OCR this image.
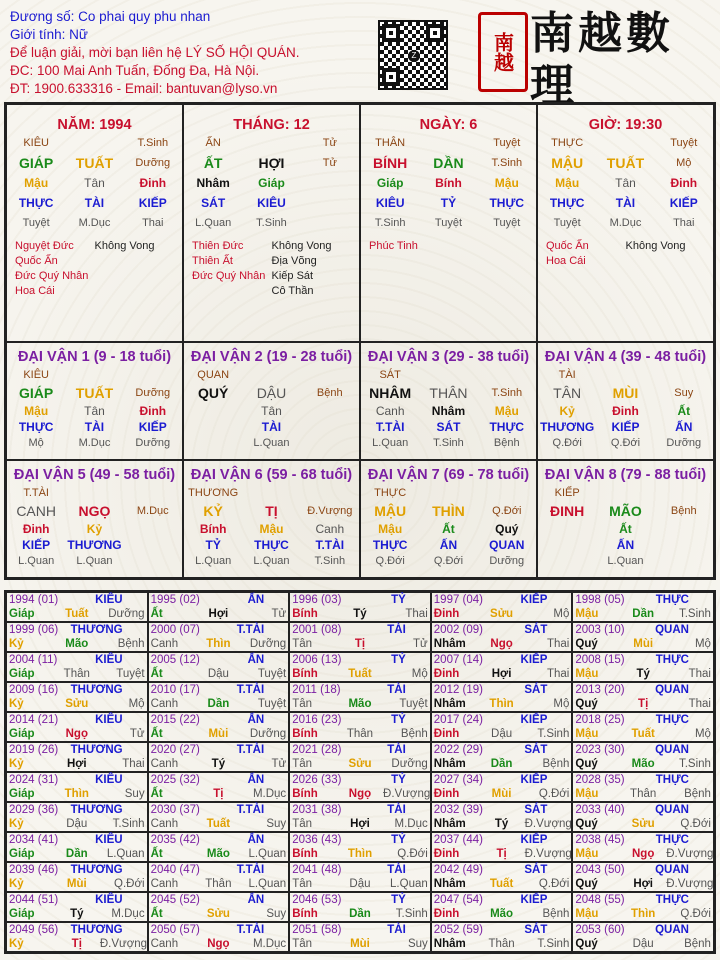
Đương số: Co phai quy phu nhan
Giới tính: Nữ
Để luận giải, mời bạn liên hệ LÝ SỐ HỘI QUÁN.
ĐC: 100 Mai Anh Tuấn, Đống Đa, Hà Nội.
ĐT: 1900.633316 - Email: bantuvan@lyso.vn
Z	南越 南越數理
NĂM: 1994
KIÊU	T.Sinh
GIÁP	TUẤT	Dưỡng
Mậu	Tân	Đinh
THỰC	TÀI	KIẾP
Tuyệt	M.Dục	Thai
Nguyệt Đức
Quốc Ấn
Đức Quý Nhân
Hoa Cái
Không Vong
THÁNG: 12
ẤN	Tử
ẤT	HỢI	Tử
Nhâm	Giáp
SÁT	KIÊU
L.Quan	T.Sinh
Thiên Đức
Thiên Ất
Đức Quý Nhân
Không Vong
Địa Võng
Kiếp Sát
Cô Thần
NGÀY: 6
THÂN	Tuyệt
BÍNH	DẦN	T.Sinh
Giáp	Bính	Mậu
KIÊU	TỶ	THỰC
T.Sinh	Tuyệt	Tuyệt
Phúc Tinh
GIỜ: 19:30
THỰC	Tuyệt
MẬU	TUẤT	Mộ
Mậu	Tân	Đinh
THỰC	TÀI	KIẾP
Tuyệt	M.Dục	Thai
Quốc Ấn
Hoa Cái
Không Vong
ĐẠI VẬN 1 (9 - 18 tuổi)
KIÊU
GIÁP	TUẤT	Dưỡng
Mậu	Tân	Đinh
THỰC	TÀI	KIẾP
Mộ	M.Dục	Dưỡng
ĐẠI VẬN 2 (19 - 28 tuổi)
QUAN
QUÝ	DẬU	Bệnh
Tân
TÀI
L.Quan
ĐẠI VẬN 3 (29 - 38 tuổi)
SÁT
NHÂM	THÂN	T.Sinh
Canh	Nhâm	Mậu
T.TÀI	SÁT	THỰC
L.Quan	T.Sinh	Bệnh
ĐẠI VẬN 4 (39 - 48 tuổi)
TÀI
TÂN	MÙI	Suy
Kỷ	Đinh	Ất
THƯƠNG	KIẾP	ẤN
Q.Đới	Q.Đới	Dưỡng
ĐẠI VẬN 5 (49 - 58 tuổi)
T.TÀI
CANH	NGỌ	M.Dục
Đinh	Kỷ
KIẾP	THƯƠNG
L.Quan	L.Quan
ĐẠI VẬN 6 (59 - 68 tuổi)
THƯƠNG
KỶ	TỊ	Đ.Vượng
Bính	Mậu	Canh
TỶ	THỰC	T.TÀI
L.Quan	L.Quan	T.Sinh
ĐẠI VẬN 7 (69 - 78 tuổi)
THỰC
MẬU	THÌN	Q.Đới
Mậu	Ất	Quý
THỰC	ẤN	QUAN
Q.Đới	Q.Đới	Dưỡng
ĐẠI VẬN 8 (79 - 88 tuổi)
KIẾP
ĐINH	MÃO	Bệnh
Ất
ẤN
L.Quan
1994 (01)	KIÊU
Giáp	Tuất	Dưỡng
1995 (02)	ẤN
Ất	Hợi	Tử
1996 (03)	TỶ
Bính	Tý	Thai
1997 (04)	KIẾP
Đinh	Sửu	Mộ
1998 (05)	THỰC
Mậu	Dần	T.Sinh
1999 (06) THƯƠNG
Kỷ	Mão	Bệnh
2000 (07)	T.TÀI
Canh	Thìn	Dưỡng
2001 (08)	TÀI
Tân	Tị	Tử
2002 (09)	SÁT
Nhâm	Ngọ	Thai
2003 (10)	QUAN
Quý	Mùi	Mộ
2004 (11)	KIÊU
Giáp	Thân	Tuyệt
2005 (12)	ẤN
Ất	Dậu	Tuyệt
2006 (13)	TỶ
Bính	Tuất	Mộ
2007 (14)	KIẾP
Đinh	Hợi	Thai
2008 (15)	THỰC
Mậu	Tý	Thai
2009 (16) THƯƠNG
Kỷ	Sửu	Mộ
2010 (17)	T.TÀI
Canh	Dần	Tuyệt
2011 (18)	TÀI
Tân	Mão	Tuyệt
2012 (19)	SÁT
Nhâm	Thìn	Mộ
2013 (20)	QUAN
Quý	Tị	Thai
2014 (21)	KIÊU
Giáp	Ngọ	Tử
2015 (22)	ẤN
Ất	Mùi	Dưỡng
2016 (23)	TỶ
Bính	Thân	Bệnh
2017 (24)	KIẾP
Đinh	Dậu	T.Sinh
2018 (25)	THỰC
Mậu	Tuất	Mộ
2019 (26) THƯƠNG
Kỷ	Hợi	Thai
2020 (27)	T.TÀI
Canh	Tý	Tử
2021 (28)	TÀI
Tân	Sửu	Dưỡng
2022 (29)	SÁT
Nhâm	Dần	Bệnh
2023 (30)	QUAN
Quý	Mão	T.Sinh
2024 (31)	KIÊU
Giáp	Thìn	Suy
2025 (32)	ẤN
Ất	Tị	M.Dục
2026 (33)	TỶ
Bính	Ngọ	Đ.Vượng
2027 (34)	KIẾP
Đinh	Mùi	Q.Đới
2028 (35)	THỰC
Mậu	Thân	Bệnh
2029 (36) THƯƠNG
Kỷ	Dậu	T.Sinh
2030 (37)	T.TÀI
Canh	Tuất	Suy
2031 (38)	TÀI
Tân	Hợi	M.Dục
2032 (39)	SÁT
Nhâm	Tý	Đ.Vượng
2033 (40)	QUAN
Quý	Sửu	Q.Đới
2034 (41)	KIÊU
Giáp	Dần	L.Quan
2035 (42)	ẤN
Ất	Mão	L.Quan
2036 (43)	TỶ
Bính	Thìn	Q.Đới
2037 (44)	KIẾP
Đinh	Tị	Đ.Vượng
2038 (45)	THỰC
Mậu	Ngọ	Đ.Vượng
2039 (46) THƯƠNG
Kỷ	Mùi	Q.Đới
2040 (47)	T.TÀI
Canh	Thân	L.Quan
2041 (48)	TÀI
Tân	Dậu	L.Quan
2042 (49)	SÁT
Nhâm	Tuất	Q.Đới
2043 (50)	QUAN
Quý	Hợi	Đ.Vượng
2044 (51)	KIÊU
Giáp	Tý	M.Dục
2045 (52)	ẤN
Ất	Sửu	Suy
2046 (53)	TỶ
Bính	Dần	T.Sinh
2047 (54)	KIẾP
Đinh	Mão	Bệnh
2048 (55)	THỰC
Mậu	Thìn	Q.Đới
2049 (56) THƯƠNG
Kỷ	Tị	Đ.Vượng
2050 (57)	T.TÀI
Canh	Ngọ	M.Dục
2051 (58)	TÀI
Tân	Mùi	Suy
2052 (59)	SÁT
Nhâm	Thân	T.Sinh
2053 (60)	QUAN
Quý	Dậu	Bệnh
